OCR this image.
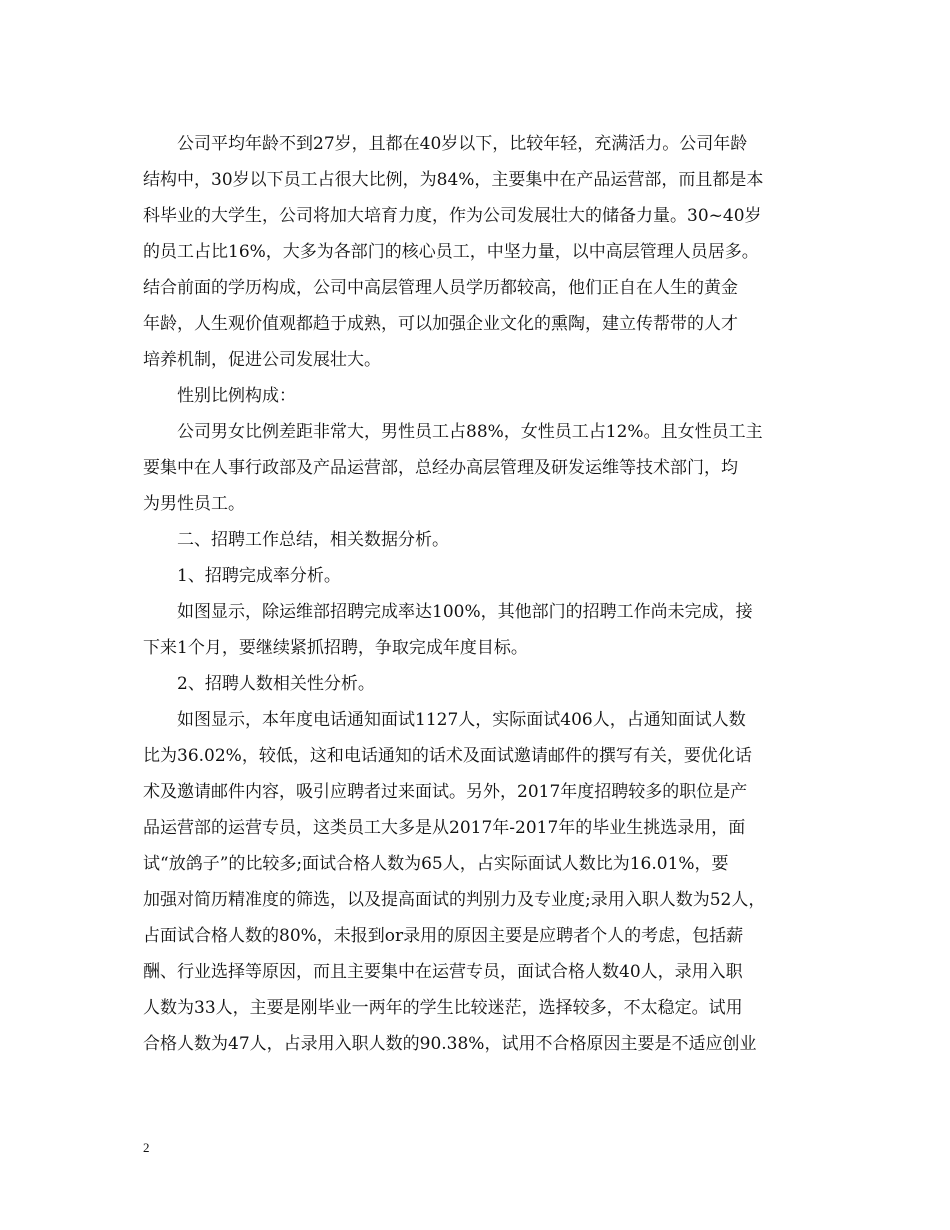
公司平均年龄不到27岁，且都在40岁以下，比较年轻，充满活力。公司年龄
结构中，30岁以下员工占很大比例，为84%，主要集中在产品运营部，而且都是本
科毕业的大学生，公司将加大培育力度，作为公司发展壮大的储备力量。30~40岁
的员工占比16%，大多为各部门的核心员工，中坚力量，以中高层管理人员居多。
结合前面的学历构成，公司中高层管理人员学历都较高，他们正自在人生的黄金
年龄，人生观价值观都趋于成熟，可以加强企业文化的熏陶，建立传帮带的人才
培养机制，促进公司发展壮大。
性别比例构成：
公司男女比例差距非常大，男性员工占88%，女性员工占12%。且女性员工主
要集中在人事行政部及产品运营部，总经办高层管理及研发运维等技术部门，均
为男性员工。
二、招聘工作总结，相关数据分析。
1、招聘完成率分析。
如图显示，除运维部招聘完成率达100%，其他部门的招聘工作尚未完成，接
下来1个月，要继续紧抓招聘，争取完成年度目标。
2、招聘人数相关性分析。
如图显示，本年度电话通知面试1127人，实际面试406人，占通知面试人数
比为36.02%，较低，这和电话通知的话术及面试邀请邮件的撰写有关，要优化话
术及邀请邮件内容，吸引应聘者过来面试。另外，2017年度招聘较多的职位是产
品运营部的运营专员，这类员工大多是从2017年-2017年的毕业生挑选录用，面
试“放鸽子”的比较多;面试合格人数为65人，占实际面试人数比为16.01%，要
加强对简历精准度的筛选，以及提高面试的判别力及专业度;录用入职人数为52人，
占面试合格人数的80%，未报到or录用的原因主要是应聘者个人的考虑，包括薪
酬、行业选择等原因，而且主要集中在运营专员，面试合格人数40人，录用入职
人数为33人，主要是刚毕业一两年的学生比较迷茫，选择较多，不太稳定。试用
合格人数为47人，占录用入职人数的90.38%，试用不合格原因主要是不适应创业
2
